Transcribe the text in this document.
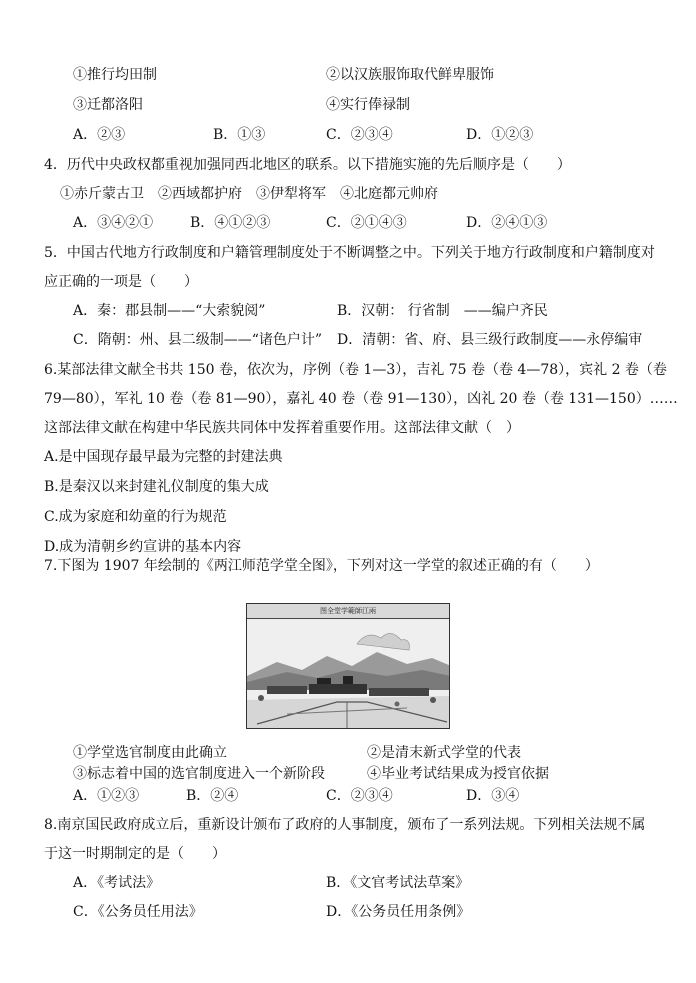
①推行均田制	②以汉族服饰取代鲜卑服饰
③迁都洛阳	④实行俸禄制
A．②③	B．①③	C．②③④	D．①②③
4．历代中央政权都重视加强同西北地区的联系。以下措施实施的先后顺序是（　　）
①赤斤蒙古卫　②西域都护府　③伊犁将军　④北庭都元帅府
A．③④②①	B．④①②③	C．②①④③	D．②④①③
5．中国古代地方行政制度和户籍管理制度处于不断调整之中。下列关于地方行政制度和户籍制度对
应正确的一项是（　　）
A．秦：郡县制——“大索貌阅”	B．汉朝： 行省制　——编户齐民
C．隋朝：州、县二级制——“诸色户计” D．清朝：省、府、县三级行政制度——永停编审
6.某部法律文献全书共 150 卷，依次为，序例（卷 1—3），吉礼 75 卷（卷 4—78），宾礼 2 卷（卷
79—80），军礼 10 卷（卷 81—90），嘉礼 40 卷（卷 91—130），凶礼 20 卷（卷 131—150）……
这部法律文献在构建中华民族共同体中发挥着重要作用。这部法律文献（　）
A.是中国现存最早最为完整的封建法典
B.是秦汉以来封建礼仪制度的集大成
C.成为家庭和幼童的行为规范
D.成为清朝乡约宣讲的基本内容
7.下图为 1907 年绘制的《两江师范学堂全图》，下列对这一学堂的叙述正确的有（　　）
图全堂学範師江兩
①学堂选官制度由此确立	②是清末新式学堂的代表
③标志着中国的选官制度进入一个新阶段	④毕业考试结果成为授官依据
A．①②③	B．②④	C．②③④	D．③④
8.南京国民政府成立后，重新设计颁布了政府的人事制度，颁布了一系列法规。下列相关法规不属
于这一时期制定的是（　　）
A．《考试法》	B．《文官考试法草案》
C．《公务员任用法》	D．《公务员任用条例》
